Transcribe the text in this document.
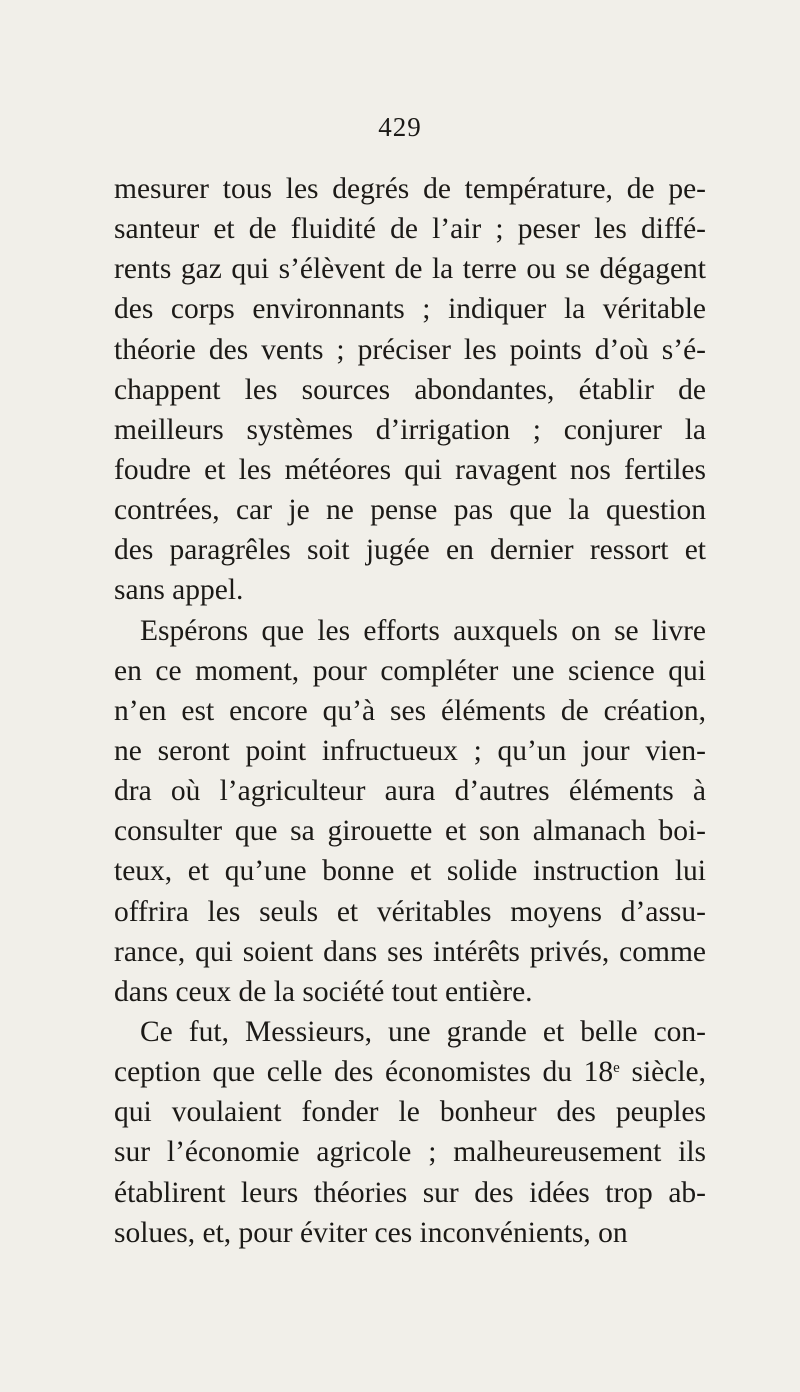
429
mesurer tous les degrés de température, de pe-
santeur et de fluidité de l’air ; peser les diffé-
rents gaz qui s’élèvent de la terre ou se dégagent
des corps environnants ; indiquer la véritable
théorie des vents ; préciser les points d’où s’é-
chappent les sources abondantes, établir de
meilleurs systèmes d’irrigation ; conjurer la
foudre et les météores qui ravagent nos fertiles
contrées, car je ne pense pas que la question
des paragrêles soit jugée en dernier ressort et
sans appel.
Espérons que les efforts auxquels on se livre
en ce moment, pour compléter une science qui
n’en est encore qu’à ses éléments de création,
ne seront point infructueux ; qu’un jour vien-
dra où l’agriculteur aura d’autres éléments à
consulter que sa girouette et son almanach boi-
teux, et qu’une bonne et solide instruction lui
offrira les seuls et véritables moyens d’assu-
rance, qui soient dans ses intérêts privés, comme
dans ceux de la société tout entière.
Ce fut, Messieurs, une grande et belle con-
ception que celle des économistes du 18e siècle,
qui voulaient fonder le bonheur des peuples
sur l’économie agricole ; malheureusement ils
établirent leurs théories sur des idées trop ab-
solues, et, pour éviter ces inconvénients, on
